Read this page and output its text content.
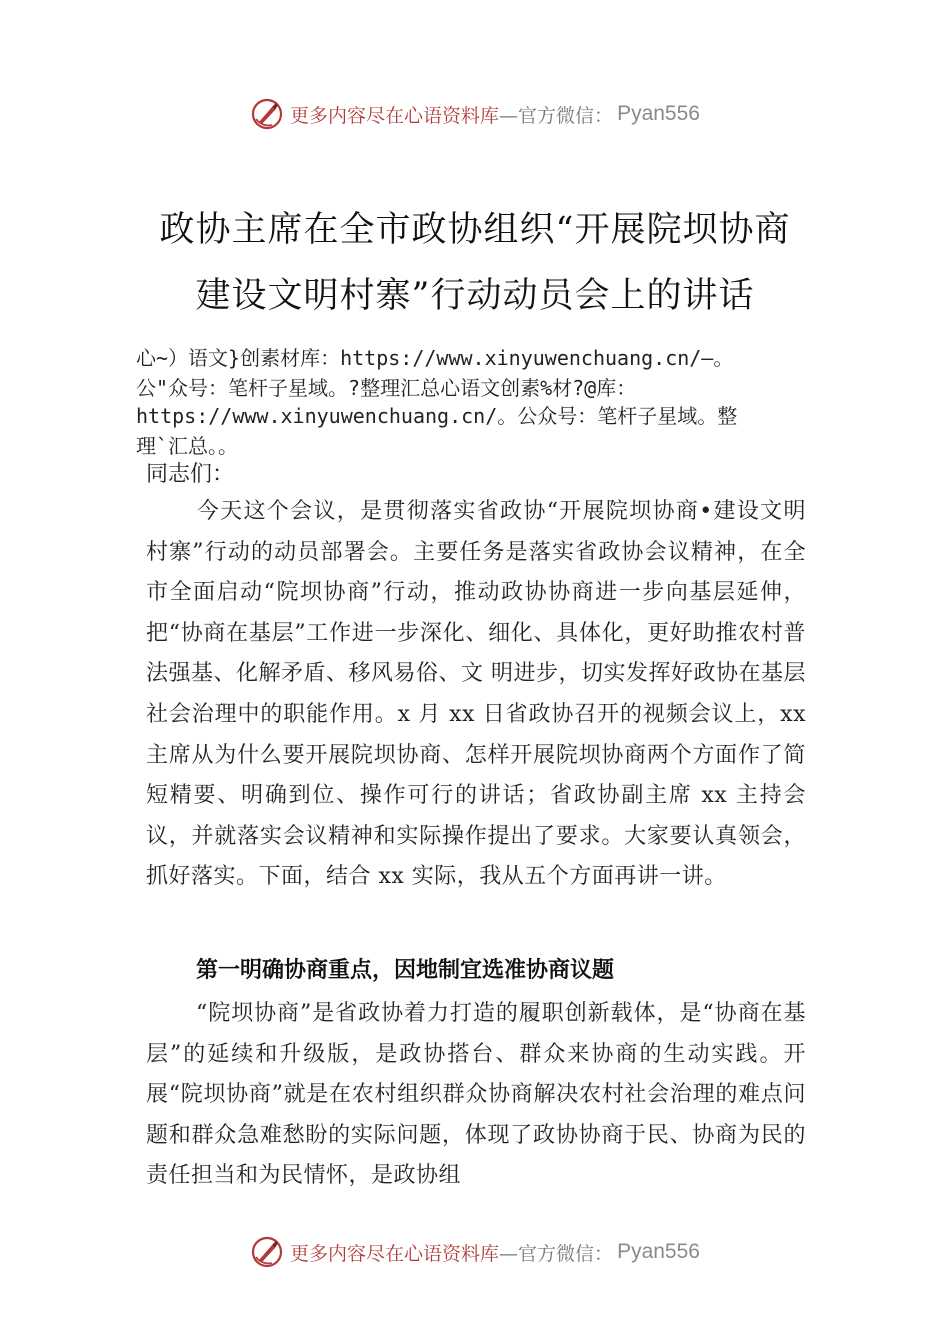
更多内容尽在心语资料库 —官方微信： Pyan556
政协主席在全市政协组织“开展院坝协商
建设文明村寨”行动动员会上的讲话
心~）语文}创素材库：https://www.xinyuwenchuang.cn/—。
公"众号：笔杆子星域。?整理汇总心语文创素%材?@库：
https://www.xinyuwenchuang.cn/。公众号：笔杆子星域。整
理`汇总。。
同志们：
今天这个会议，是贯彻落实省政协“开展院坝协商•建设文明村寨”行动的动员部署会。主要任务是落实省政协会议精神，在全市全面启动“院坝协商”行动，推动政协协商进一步向基层延伸，把“协商在基层”工作进一步深化、细化、具体化，更好助推农村普法强基、化解矛盾、移风易俗、文 明进步，切实发挥好政协在基层社会治理中的职能作用。x 月 xx 日省政协召开的视频会议上，xx 主席从为什么要开展院坝协商、怎样开展院坝协商两个方面作了简短精要、明确到位、操作可行的讲话；省政协副主席 xx 主持会议，并就落实会议精神和实际操作提出了要求。大家要认真领会，抓好落实。下面，结合 xx 实际，我从五个方面再讲一讲。
第一明确协商重点，因地制宜选准协商议题
“院坝协商”是省政协着力打造的履职创新载体，是“协商在基层”的延续和升级版，是政协搭台、群众来协商的生动实践。开展“院坝协商”就是在农村组织群众协商解决农村社会治理的难点问题和群众急难愁盼的实际问题，体现了政协协商于民、协商为民的责任担当和为民情怀，是政协组
更多内容尽在心语资料库 —官方微信： Pyan556
